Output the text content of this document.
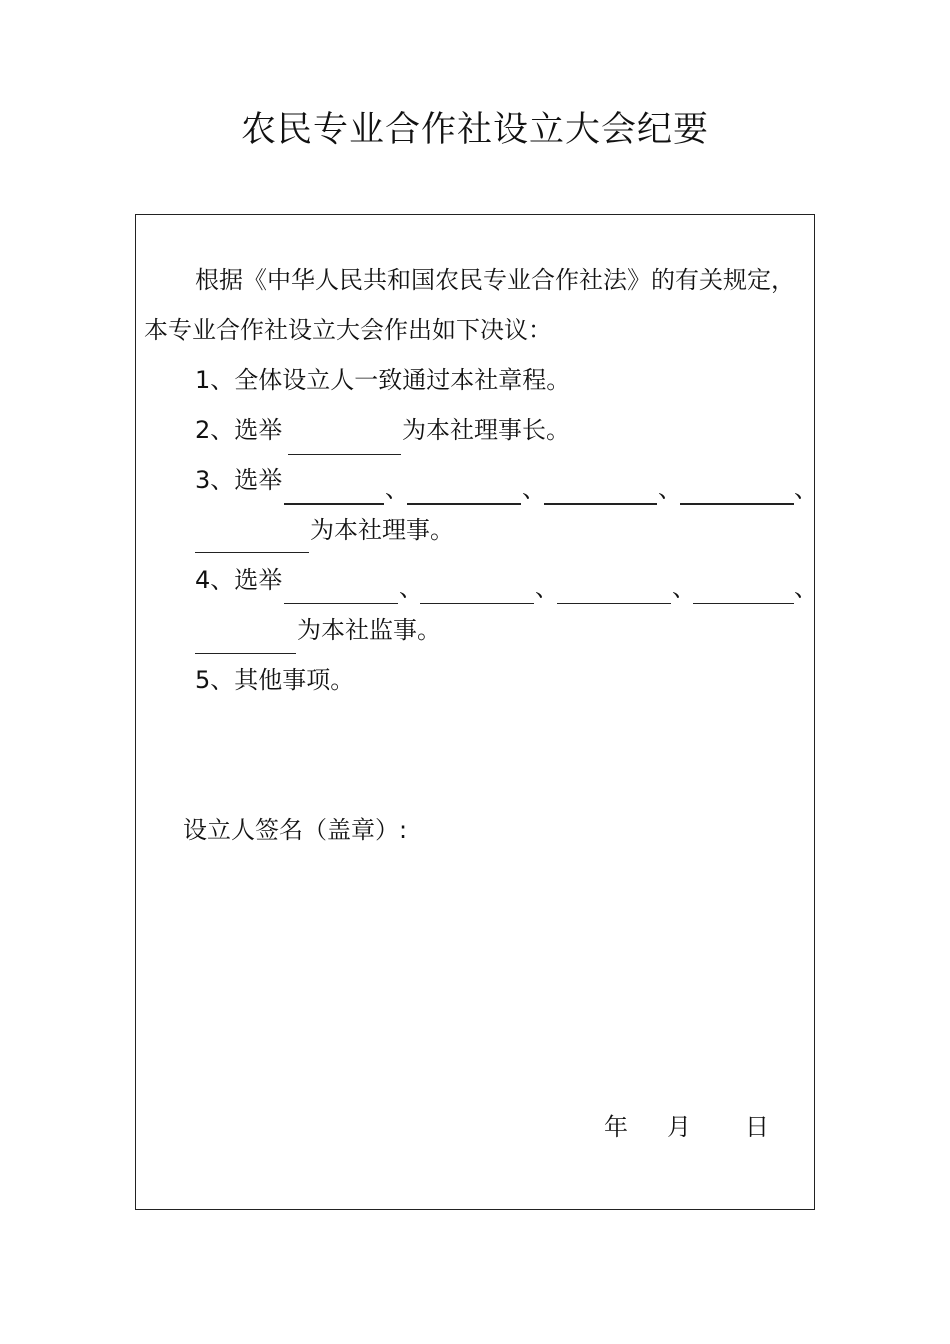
农民专业合作社设立大会纪要
根据《中华人民共和国农民专业合作社法》的有关规定，
本专业合作社设立大会作出如下决议：
1、全体设立人一致通过本社章程。
2、选举	为本社理事长。
3、选举	、	、	、	、
为本社理事。
4、选举	、	、	、	、
为本社监事。
5、其他事项。
设立人签名（盖章）:
年 月 日
